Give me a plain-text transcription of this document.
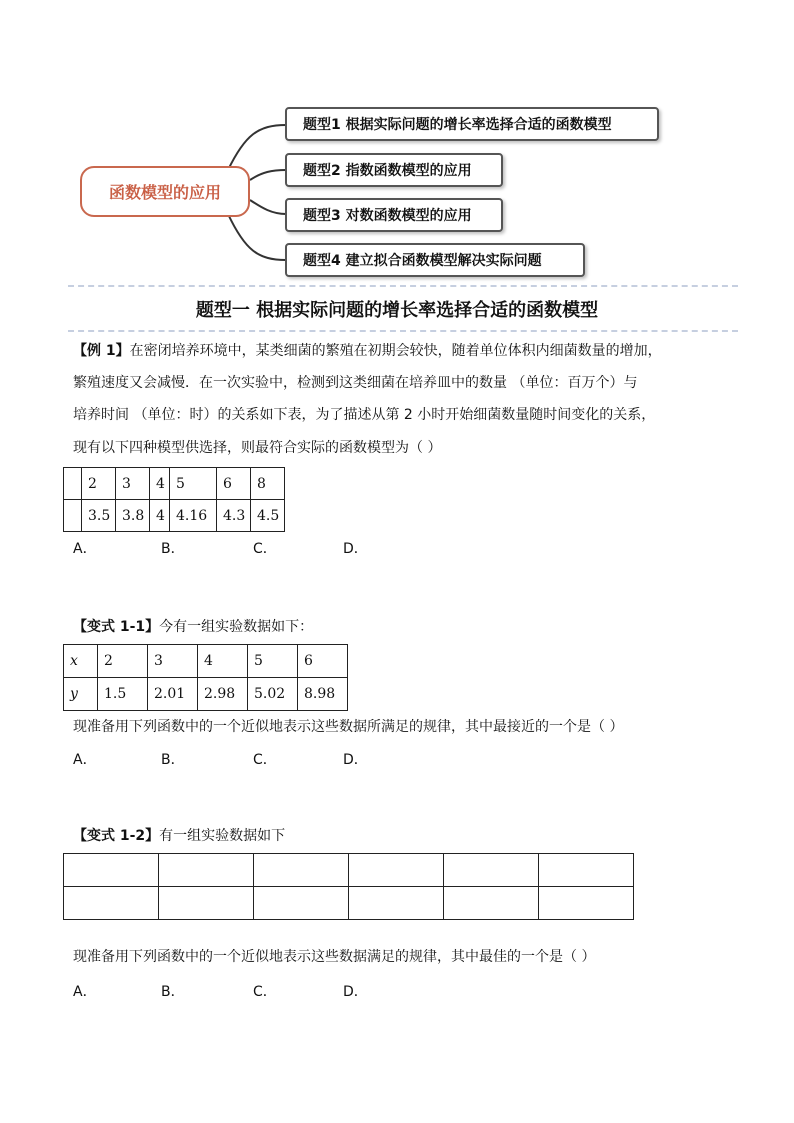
函数模型的应用
题型1 根据实际问题的增长率选择合适的函数模型
题型2 指数函数模型的应用
题型3 对数函数模型的应用
题型4 建立拟合函数模型解决实际问题
题型一 根据实际问题的增长率选择合适的函数模型
【例 1】在密闭培养环境中，某类细菌的繁殖在初期会较快，随着单位体积内细菌数量的增加，
繁殖速度又会减慢．在一次实验中，检测到这类细菌在培养皿中的数量 （单位：百万个）与
培养时间 （单位：时）的关系如下表，为了描述从第 2 小时开始细菌数量随时间变化的关系，
现有以下四种模型供选择，则最符合实际的函数模型为（ ）
	2	3	4	5	6	8
	3.5	3.8	4	4.16	4.3	4.5
A．	B．	C．	D．
【变式 1-1】今有一组实验数据如下：
x	2	3	4	5	6
y	1.5	2.01	2.98	5.02	8.98
现准备用下列函数中的一个近似地表示这些数据所满足的规律，其中最接近的一个是（ ）
A．	B．	C．	D．
【变式 1-2】有一组实验数据如下

现准备用下列函数中的一个近似地表示这些数据满足的规律，其中最佳的一个是（ ）
A．	B．	C．	D．
